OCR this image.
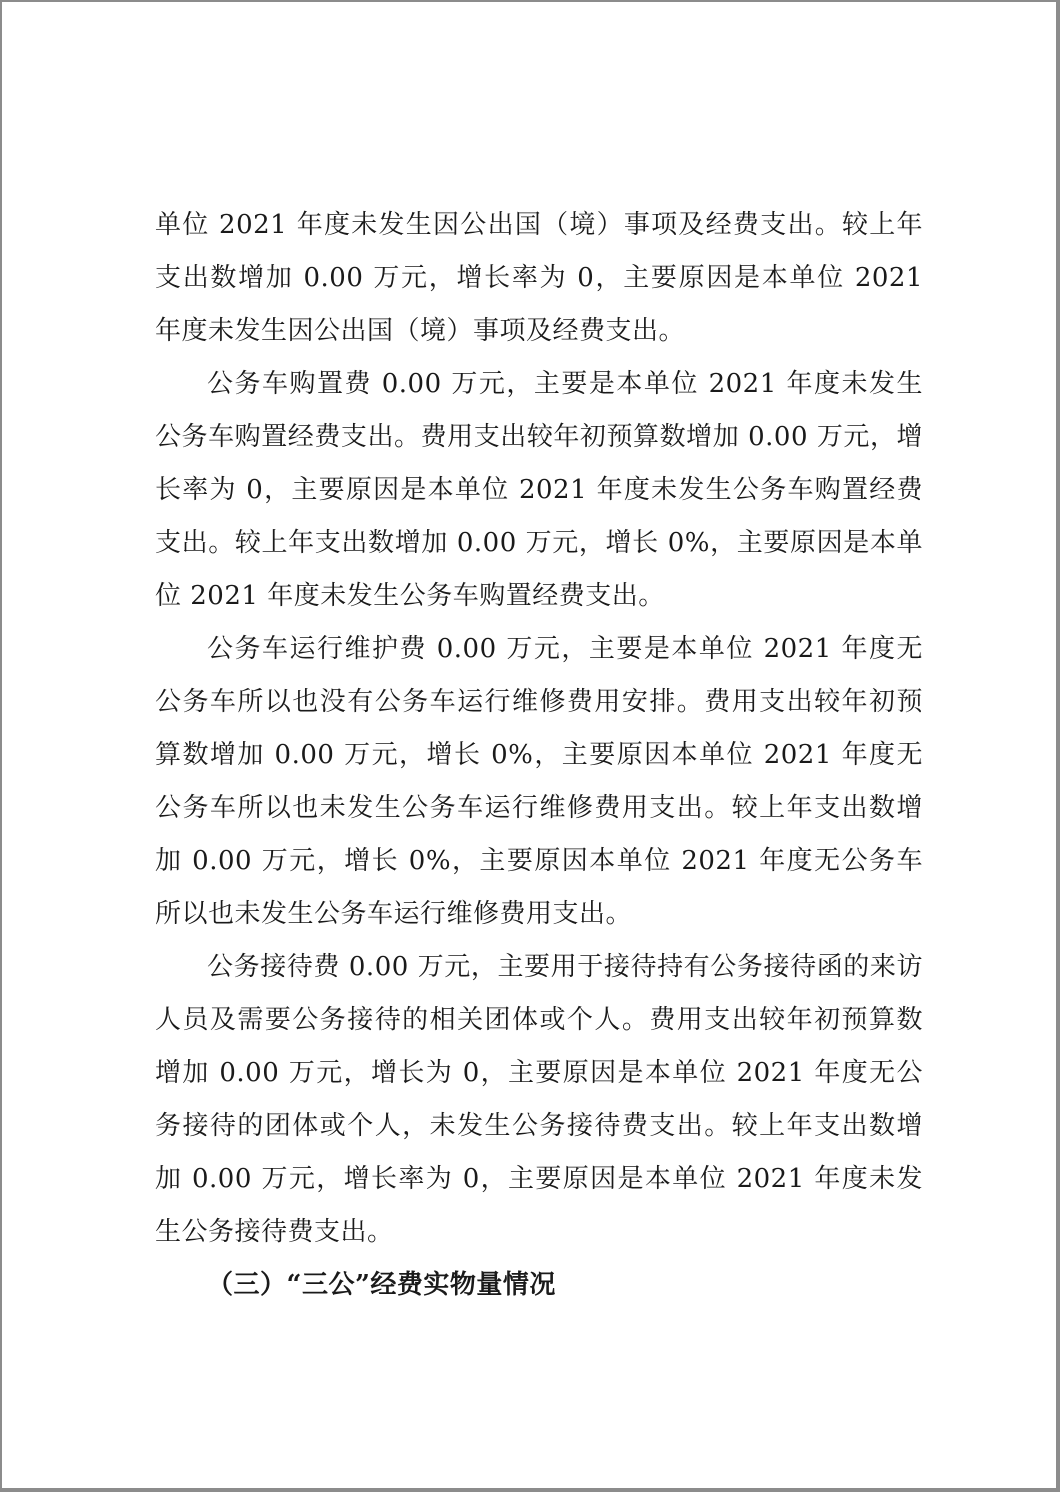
单位 2021 年度未发生因公出国（境）事项及经费支出。较上年支出数增加 0.00 万元，增长率为 0，主要原因是本单位 2021 年度未发生因公出国（境）事项及经费支出。

公务车购置费 0.00 万元，主要是本单位 2021 年度未发生公务车购置经费支出。费用支出较年初预算数增加 0.00 万元，增长率为 0，主要原因是本单位 2021 年度未发生公务车购置经费支出。较上年支出数增加 0.00 万元，增长 0%，主要原因是本单位 2021 年度未发生公务车购置经费支出。

公务车运行维护费 0.00 万元，主要是本单位 2021 年度无公务车所以也没有公务车运行维修费用安排。费用支出较年初预算数增加 0.00 万元，增长 0%，主要原因本单位 2021 年度无公务车所以也未发生公务车运行维修费用支出。较上年支出数增加 0.00 万元，增长 0%，主要原因本单位 2021 年度无公务车所以也未发生公务车运行维修费用支出。

公务接待费 0.00 万元，主要用于接待持有公务接待函的来访人员及需要公务接待的相关团体或个人。费用支出较年初预算数增加 0.00 万元，增长为 0，主要原因是本单位 2021 年度无公务接待的团体或个人，未发生公务接待费支出。较上年支出数增加 0.00 万元，增长率为 0，主要原因是本单位 2021 年度未发生公务接待费支出。

（三）“三公”经费实物量情况
